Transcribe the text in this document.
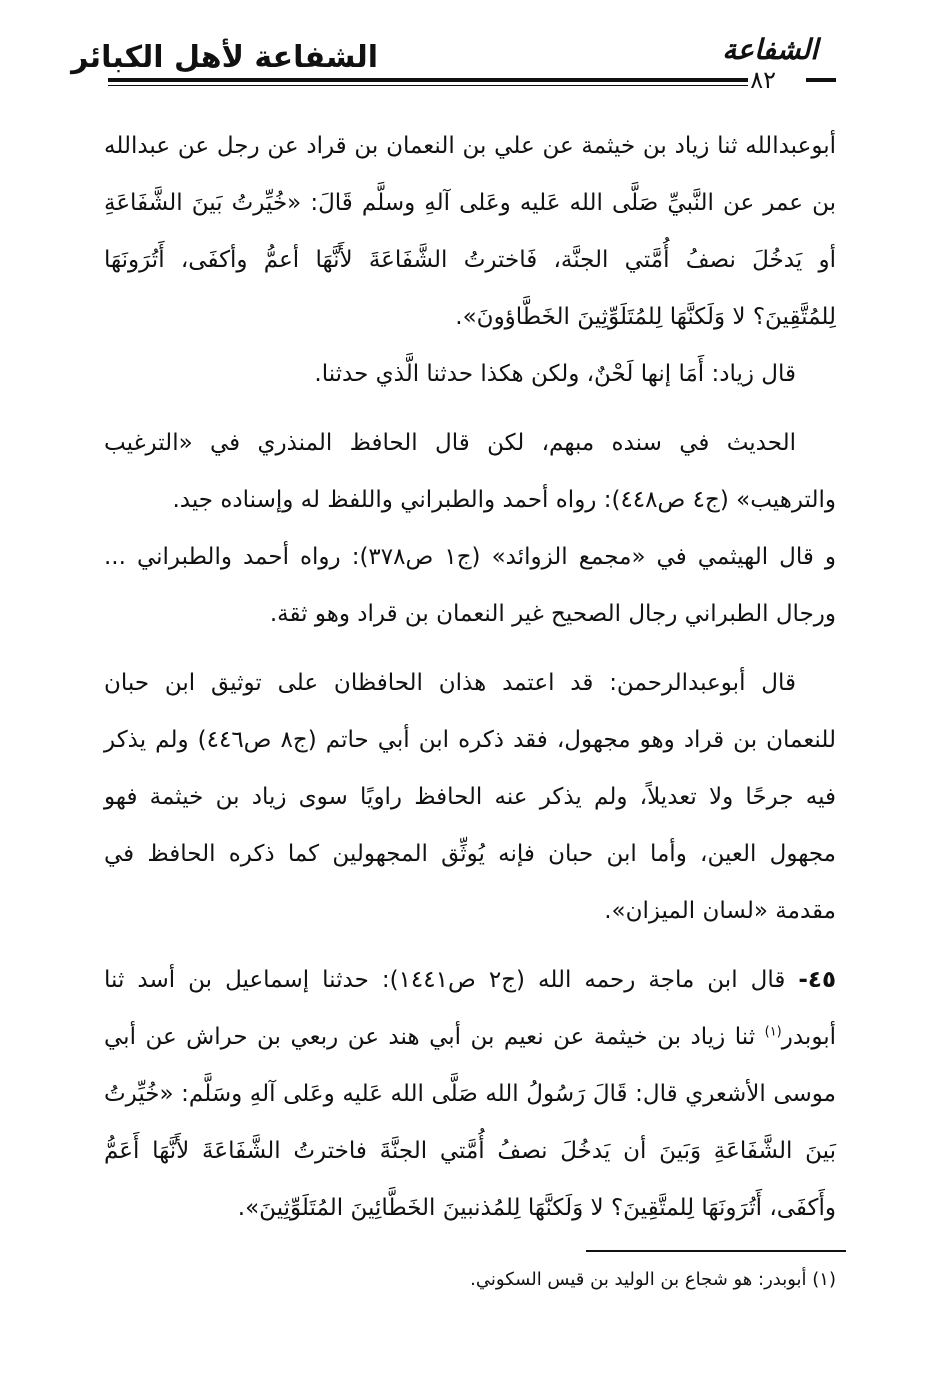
الشفاعة لأهل الكبائر	الشفاعة
٨٢

أبوعبدالله ثنا زياد بن خيثمة عن علي بن النعمان بن قراد عن رجل عن عبدالله بن عمر عن النَّبيِّ صَلَّى الله عَليه وعَلى آلهِ وسلَّم قَالَ: «خُيِّرتُ بَينَ الشَّفَاعَةِ أو يَدخُلَ نصفُ أُمَّتي الجنَّة، فَاخترتُ الشَّفَاعَةَ لأَنَّهَا أعمُّ وأكفَى، أَتُرَونَهَا لِلمُتَّقِينَ؟ لا وَلَكنَّهَا لِلمُتَلَوِّثِينَ الخَطَّاؤونَ».

قال زياد: أَمَا إنها لَحْنٌ، ولكن هكذا حدثنا الَّذي حدثنا.

الحديث في سنده مبهم، لكن قال الحافظ المنذري في «الترغيب والترهيب» (ج٤ ص٤٤٨): رواه أحمد والطبراني واللفظ له وإسناده جيد.

و قال الهيثمي في «مجمع الزوائد» (ج١ ص٣٧٨): رواه أحمد والطبراني ... ورجال الطبراني رجال الصحيح غير النعمان بن قراد وهو ثقة.

قال أبوعبدالرحمن: قد اعتمد هذان الحافظان على توثيق ابن حبان للنعمان بن قراد وهو مجهول، فقد ذكره ابن أبي حاتم (ج٨ ص٤٤٦) ولم يذكر فيه جرحًا ولا تعديلاً، ولم يذكر عنه الحافظ راويًا سوى زياد بن خيثمة فهو مجهول العين، وأما ابن حبان فإنه يُوثِّق المجهولين كما ذكره الحافظ في مقدمة «لسان الميزان».

٤٥- قال ابن ماجة رحمه الله (ج٢ ص١٤٤١): حدثنا إسماعيل بن أسد ثنا أبوبدر$^{(١)}$ ثنا زياد بن خيثمة عن نعيم بن أبي هند عن ربعي بن حراش عن أبي موسى الأشعري قال: قَالَ رَسُولُ الله صَلَّى الله عَليه وعَلى آلهِ وسَلَّم: «خُيِّرتُ بَينَ الشَّفَاعَةِ وَبَينَ أن يَدخُلَ نصفُ أُمَّتي الجنَّةَ فاخترتُ الشَّفَاعَةَ لأَنَّهَا أَعَمُّ وأَكفَى، أَتُرَونَهَا لِلمتَّقِينَ؟ لا وَلَكنَّهَا لِلمُذنبينَ الخَطَّائِينَ المُتَلَوِّثِينَ».

(١) أبوبدر: هو شجاع بن الوليد بن قيس السكوني.
